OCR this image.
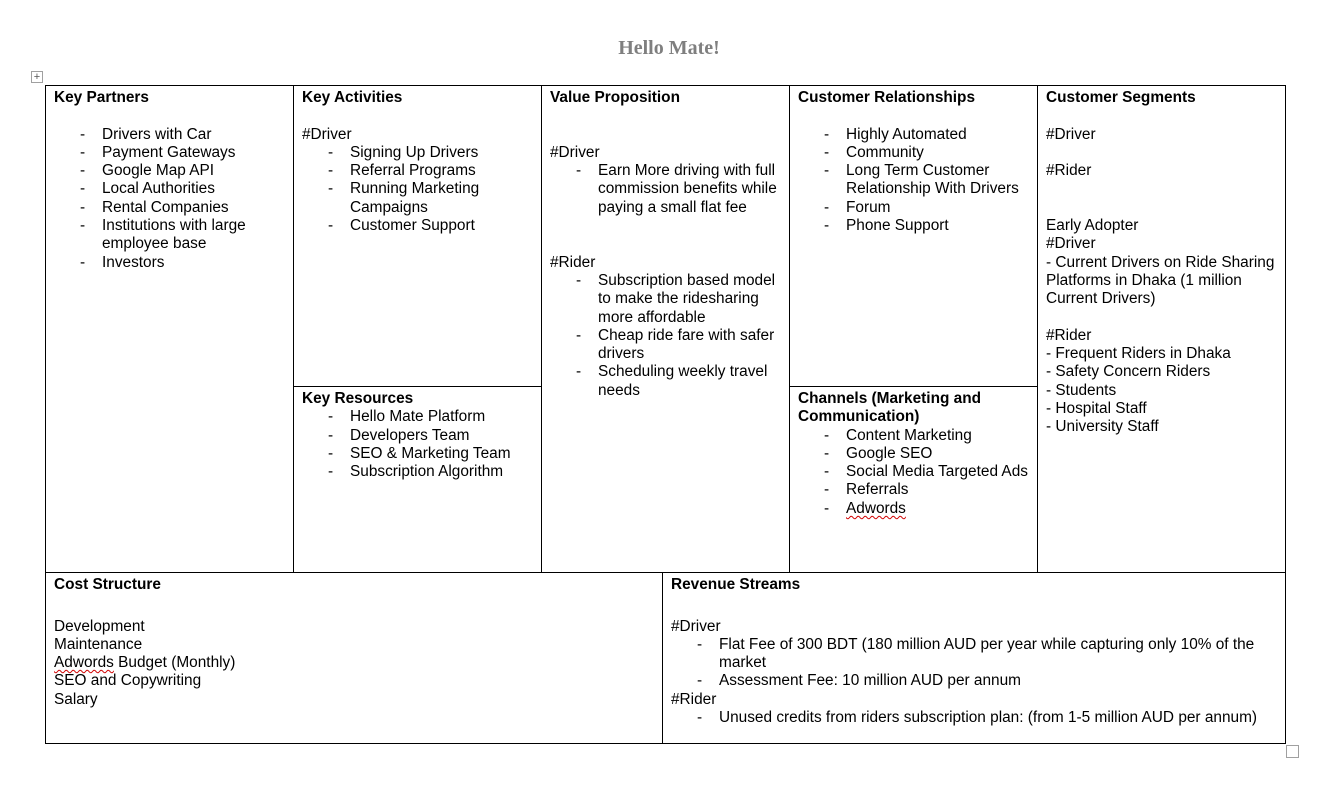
Hello Mate!
+
Key Partners
- Drivers with Car
- Payment Gateways
- Google Map API
- Local Authorities
- Rental Companies
- Institutions with large employee base
- Investors
Key Activities
#Driver
- Signing Up Drivers
- Referral Programs
- Running Marketing Campaigns
- Customer Support
Key Resources
- Hello Mate Platform
- Developers Team
- SEO & Marketing Team
- Subscription Algorithm
Value Proposition
#Driver
- Earn More driving with full commission benefits while paying a small flat fee
#Rider
- Subscription based model to make the ridesharing more affordable
- Cheap ride fare with safer drivers
- Scheduling weekly travel needs
Customer Relationships
- Highly Automated
- Community
- Long Term Customer Relationship With Drivers
- Forum
- Phone Support
Channels (Marketing and Communication)
- Content Marketing
- Google SEO
- Social Media Targeted Ads
- Referrals
- Adwords
Customer Segments
#Driver
#Rider
Early Adopter
#Driver
- Current Drivers on Ride Sharing Platforms in Dhaka (1 million Current Drivers)
#Rider
- Frequent Riders in Dhaka
- Safety Concern Riders
- Students
- Hospital Staff
- University Staff
Cost Structure
Development
Maintenance
Adwords Budget (Monthly)
SEO and Copywriting
Salary
Revenue Streams
#Driver
- Flat Fee of 300 BDT (180 million AUD per year while capturing only 10% of the market
- Assessment Fee: 10 million AUD per annum
#Rider
- Unused credits from riders subscription plan: (from 1-5 million AUD per annum)
